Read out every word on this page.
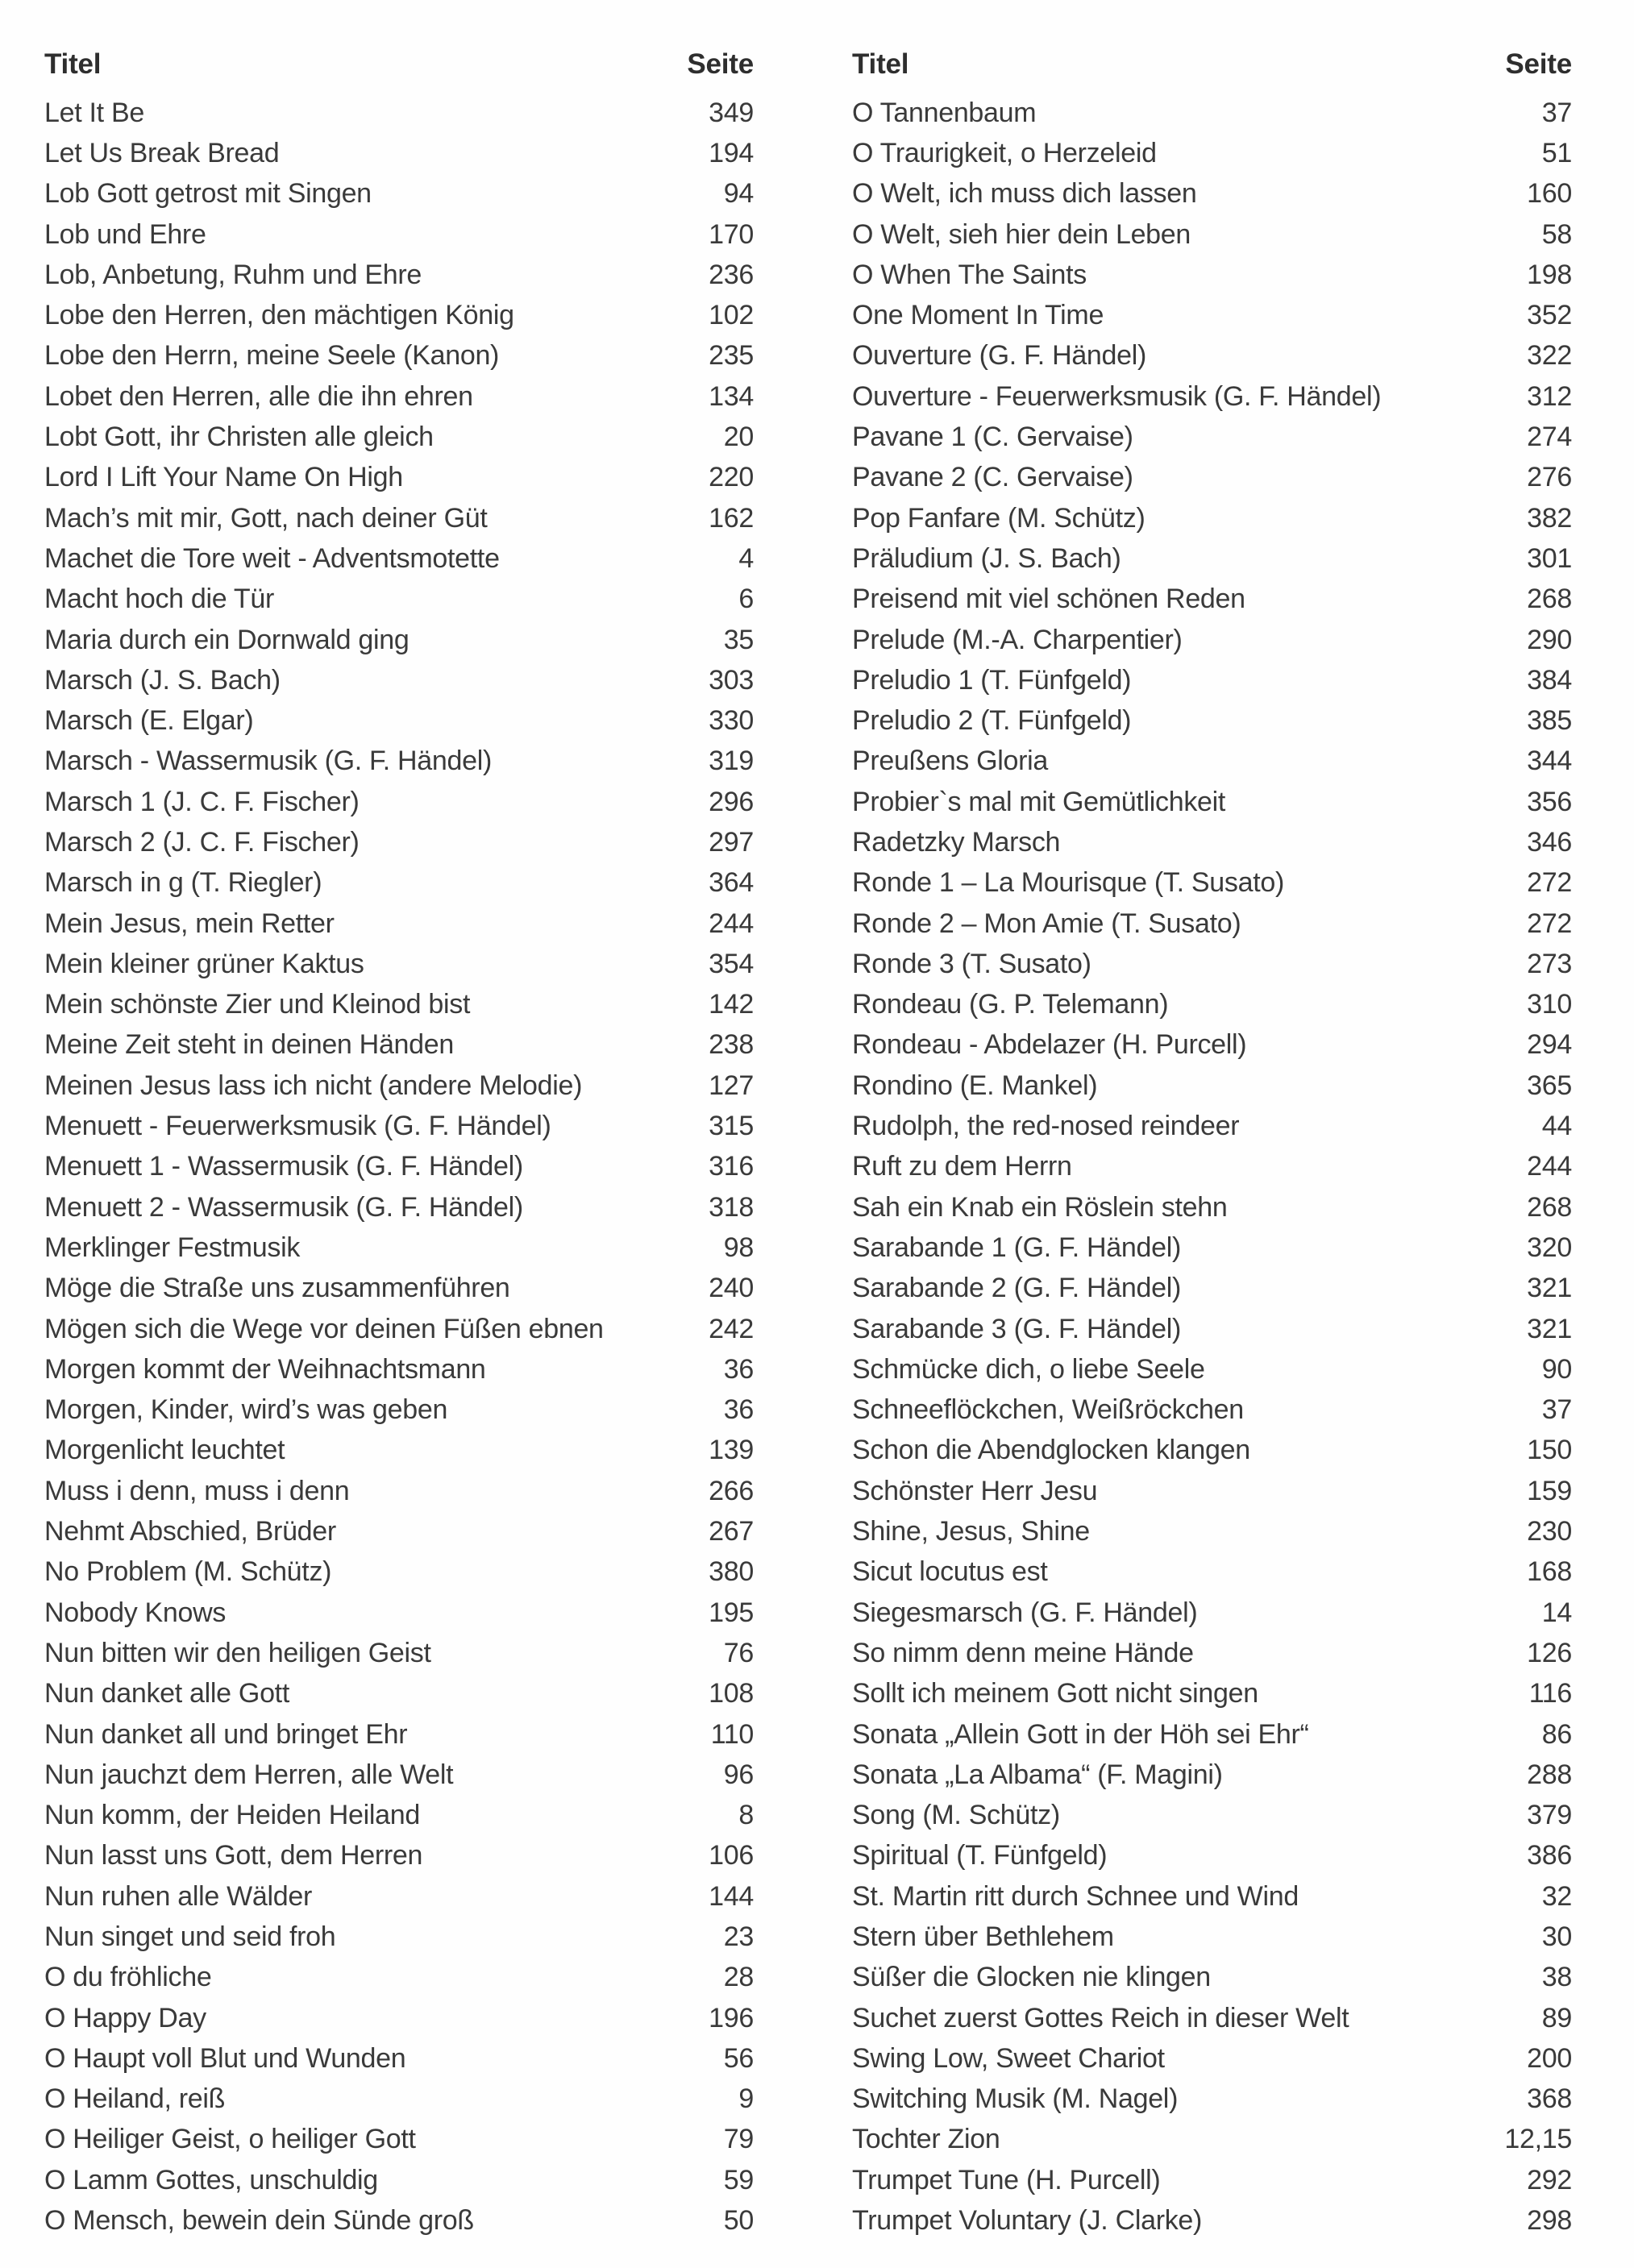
Titel	Seite
Let It Be	349
Let Us Break Bread	194
Lob Gott getrost mit Singen	94
Lob und Ehre	170
Lob, Anbetung, Ruhm und Ehre	236
Lobe den Herren, den mächtigen König	102
Lobe den Herrn, meine Seele (Kanon)	235
Lobet den Herren, alle die ihn ehren	134
Lobt Gott, ihr Christen alle gleich	20
Lord I Lift Your Name On High	220
Mach’s mit mir, Gott, nach deiner Güt	162
Machet die Tore weit - Adventsmotette	4
Macht hoch die Tür	6
Maria durch ein Dornwald ging	35
Marsch (J. S. Bach)	303
Marsch (E. Elgar)	330
Marsch - Wassermusik (G. F. Händel)	319
Marsch 1 (J. C. F. Fischer)	296
Marsch 2 (J. C. F. Fischer)	297
Marsch in g (T. Riegler)	364
Mein Jesus, mein Retter	244
Mein kleiner grüner Kaktus	354
Mein schönste Zier und Kleinod bist	142
Meine Zeit steht in deinen Händen	238
Meinen Jesus lass ich nicht (andere Melodie)	127
Menuett - Feuerwerksmusik (G. F. Händel)	315
Menuett 1 - Wassermusik (G. F. Händel)	316
Menuett 2 - Wassermusik (G. F. Händel)	318
Merklinger Festmusik	98
Möge die Straße uns zusammenführen	240
Mögen sich die Wege vor deinen Füßen ebnen	242
Morgen kommt der Weihnachtsmann	36
Morgen, Kinder, wird’s was geben	36
Morgenlicht leuchtet	139
Muss i denn, muss i denn	266
Nehmt Abschied, Brüder	267
No Problem (M. Schütz)	380
Nobody Knows	195
Nun bitten wir den heiligen Geist	76
Nun danket alle Gott	108
Nun danket all und bringet Ehr	110
Nun jauchzt dem Herren, alle Welt	96
Nun komm, der Heiden Heiland	8
Nun lasst uns Gott, dem Herren	106
Nun ruhen alle Wälder	144
Nun singet und seid froh	23
O du fröhliche	28
O Happy Day	196
O Haupt voll Blut und Wunden	56
O Heiland, reiß	9
O Heiliger Geist, o heiliger Gott	79
O Lamm Gottes, unschuldig	59
O Mensch, bewein dein Sünde groß	50
Titel	Seite
O Tannenbaum	37
O Traurigkeit, o Herzeleid	51
O Welt, ich muss dich lassen	160
O Welt, sieh hier dein Leben	58
O When The Saints	198
One Moment In Time	352
Ouverture (G. F. Händel)	322
Ouverture - Feuerwerksmusik (G. F. Händel)	312
Pavane 1 (C. Gervaise)	274
Pavane 2 (C. Gervaise)	276
Pop Fanfare (M. Schütz)	382
Präludium (J. S. Bach)	301
Preisend mit viel schönen Reden	268
Prelude (M.-A. Charpentier)	290
Preludio 1 (T. Fünfgeld)	384
Preludio 2 (T. Fünfgeld)	385
Preußens Gloria	344
Probier`s mal mit Gemütlichkeit	356
Radetzky Marsch	346
Ronde 1 – La Mourisque (T. Susato)	272
Ronde 2 – Mon Amie (T. Susato)	272
Ronde 3 (T. Susato)	273
Rondeau (G. P. Telemann)	310
Rondeau - Abdelazer (H. Purcell)	294
Rondino (E. Mankel)	365
Rudolph, the red-nosed reindeer	44
Ruft zu dem Herrn	244
Sah ein Knab ein Röslein stehn	268
Sarabande 1 (G. F. Händel)	320
Sarabande 2 (G. F. Händel)	321
Sarabande 3 (G. F. Händel)	321
Schmücke dich, o liebe Seele	90
Schneeflöckchen, Weißröckchen	37
Schon die Abendglocken klangen	150
Schönster Herr Jesu	159
Shine, Jesus, Shine	230
Sicut locutus est	168
Siegesmarsch (G. F. Händel)	14
So nimm denn meine Hände	126
Sollt ich meinem Gott nicht singen	116
Sonata „Allein Gott in der Höh sei Ehr“	86
Sonata „La Albama“ (F. Magini)	288
Song (M. Schütz)	379
Spiritual (T. Fünfgeld)	386
St. Martin ritt durch Schnee und Wind	32
Stern über Bethlehem	30
Süßer die Glocken nie klingen	38
Suchet zuerst Gottes Reich in dieser Welt	89
Swing Low, Sweet Chariot	200
Switching Musik (M. Nagel)	368
Tochter Zion	12,15
Trumpet Tune (H. Purcell)	292
Trumpet Voluntary (J. Clarke)	298
